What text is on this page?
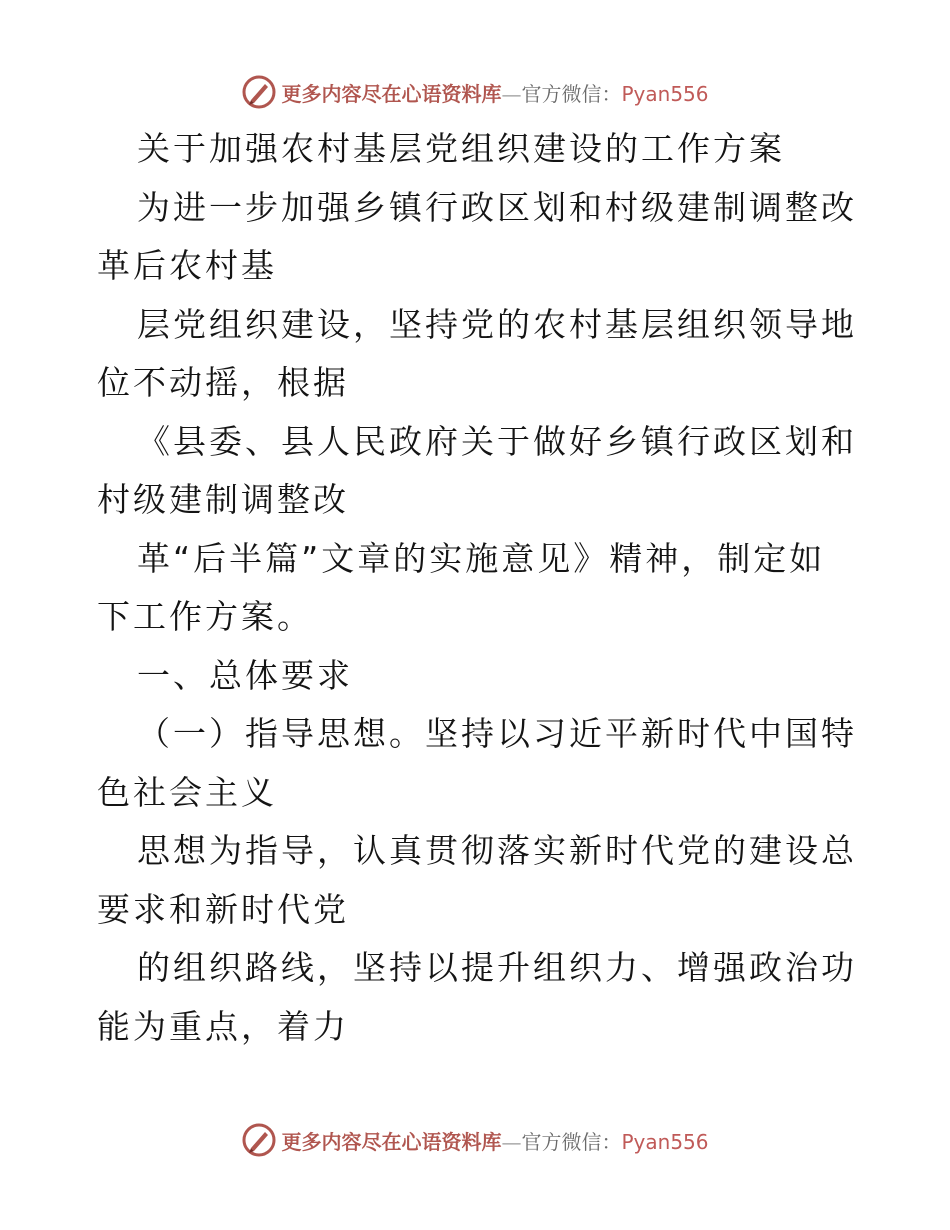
更多内容尽在心语资料库—官方微信：Pyan556

关于加强农村基层党组织建设的工作方案

为进一步加强乡镇行政区划和村级建制调整改革后农村基

层党组织建设，坚持党的农村基层组织领导地位不动摇，根据

《县委、县人民政府关于做好乡镇行政区划和村级建制调整改

革“后半篇”文章的实施意见》精神，制定如下工作方案。

一、总体要求

（一）指导思想。坚持以习近平新时代中国特色社会主义

思想为指导，认真贯彻落实新时代党的建设总要求和新时代党

的组织路线，坚持以提升组织力、增强政治功能为重点，着力

更多内容尽在心语资料库—官方微信：Pyan556
